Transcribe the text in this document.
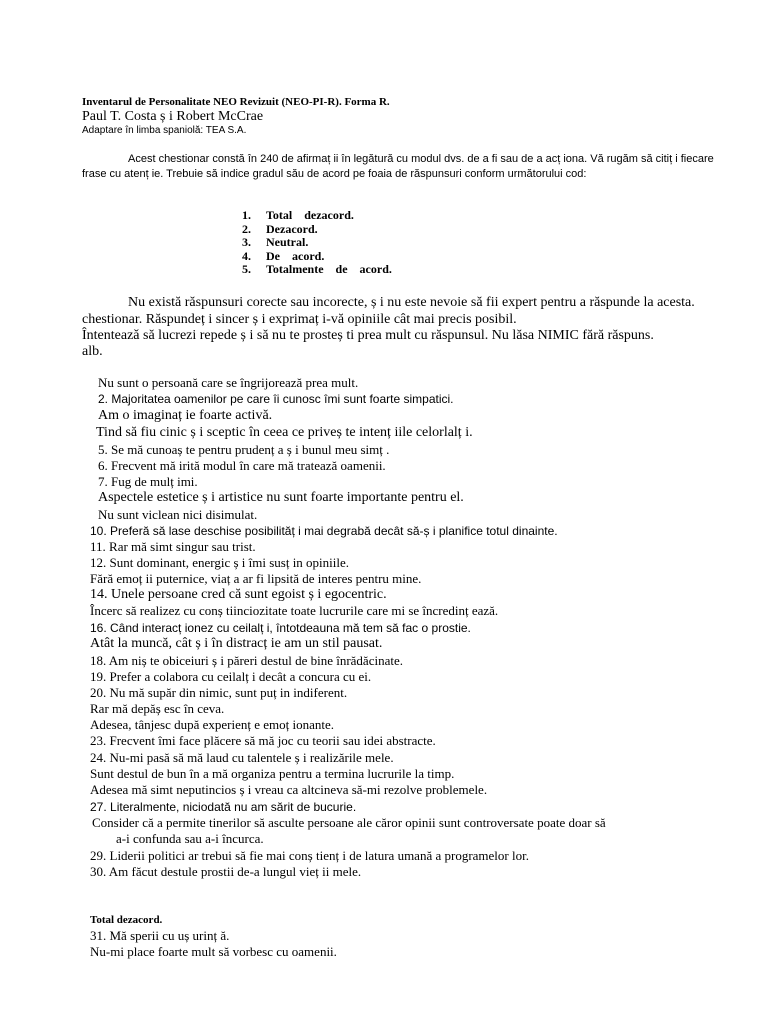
Inventarul de Personalitate NEO Revizuit (NEO-PI-R). Forma R.
Paul T. Costa ș i Robert McCrae
Adaptare în limba spaniolă: TEA S.A.
Acest chestionar constă în 240 de afirmaț ii în legătură cu modul dvs. de a fi sau de a acț iona. Vă rugăm să citiț i fiecare
frase cu atenț ie. Trebuie să indice gradul său de acord pe foaia de răspunsuri conform următorului cod:
1. Total    dezacord.
2. Dezacord.
3. Neutral.
4. De    acord.
5. Totalmente    de    acord.
Nu există răspunsuri corecte sau incorecte, ș i nu este nevoie să fii expert pentru a răspunde la acesta.
chestionar. Răspundeț i sincer ș i exprimaț i-vă opiniile cât mai precis posibil.
Întenteazǎ să lucrezi repede ș i să nu te prosteș ti prea mult cu răspunsul. Nu lăsa NIMIC fără răspuns.
alb.
Nu sunt o persoană care se îngrijorează prea mult.
2. Majoritatea oamenilor pe care îi cunosc îmi sunt foarte simpatici.
Am o imaginaț ie foarte activă.
Tind să fiu cinic ș i sceptic în ceea ce priveș te intenț iile celorlalț i.
5. Se mă cunoaș te pentru prudenț a ș i bunul meu simț .
6. Frecvent mă irită modul în care mă tratează oamenii.
7. Fug de mulț imi.
Aspectele estetice ș i artistice nu sunt foarte importante pentru el.
Nu sunt viclean nici disimulat.
10. Preferă să lase deschise posibilităț i mai degrabă decât să-ș i planifice totul dinainte.
11. Rar mă simt singur sau trist.
12. Sunt dominant, energic ș i îmi susț in opiniile.
Fără emoț ii puternice, viaț a ar fi lipsită de interes pentru mine.
14. Unele persoane cred că sunt egoist ș i egocentric.
Încerc să realizez cu conș tiinciozitate toate lucrurile care mi se încredinț ează.
16. Când interacț ionez cu ceilalț i, întotdeauna mă tem să fac o prostie.
Atât la muncă, cât ș i în distracț ie am un stil pausat.
18. Am niș te obiceiuri ș i păreri destul de bine înrădăcinate.
19. Prefer a colabora cu ceilalț i decât a concura cu ei.
20. Nu mă supăr din nimic, sunt puț in indiferent.
Rar mă depăș esc în ceva.
Adesea, tânjesc după experienț e emoț ionante.
23. Frecvent îmi face plăcere să mă joc cu teorii sau idei abstracte.
24. Nu-mi pasă să mă laud cu talentele ș i realizările mele.
Sunt destul de bun în a mă organiza pentru a termina lucrurile la timp.
Adesea mă simt neputincios ș i vreau ca altcineva să-mi rezolve problemele.
27. Literalmente, niciodată nu am sărit de bucurie.
Consider că a permite tinerilor să asculte persoane ale căror opinii sunt controversate poate doar să
a-i confunda sau a-i încurca.
29. Liderii politici ar trebui să fie mai conș tienț i de latura umană a programelor lor.
30. Am făcut destule prostii de-a lungul vieț ii mele.
Total dezacord.
31. Mă sperii cu uș urinț ă.
Nu-mi place foarte mult să vorbesc cu oamenii.
